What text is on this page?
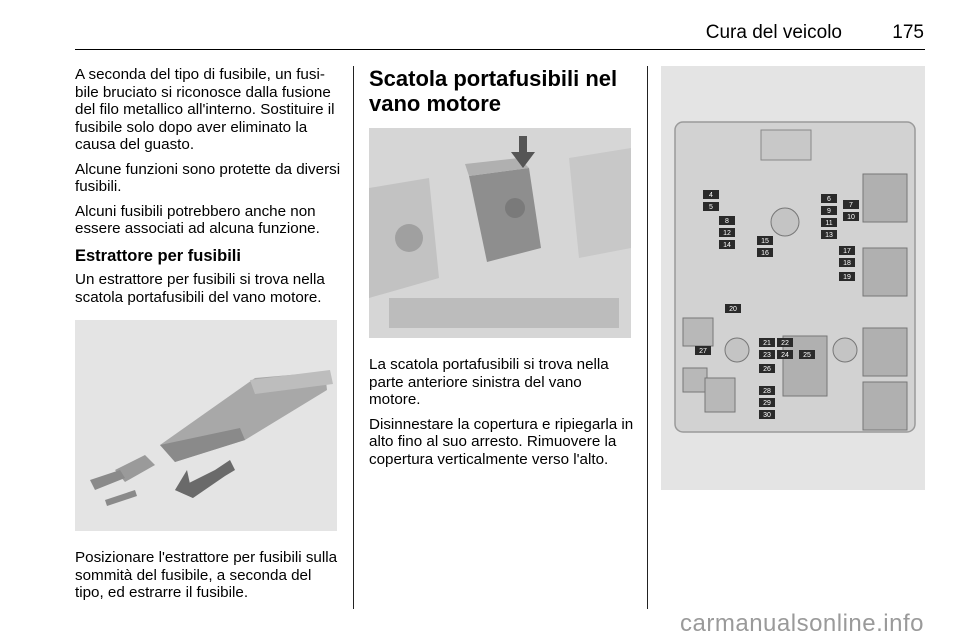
Cura del veicolo	175

A seconda del tipo di fusibile, un fusi-bile bruciato si riconosce dalla fusione del filo metallico all'interno. Sostituire il fusibile solo dopo aver eliminato la causa del guasto.

Alcune funzioni sono protette da diversi fusibili.

Alcuni fusibili potrebbero anche non essere associati ad alcuna funzione.

Estrattore per fusibili

Un estrattore per fusibili si trova nella scatola portafusibili del vano motore.

Posizionare l'estrattore per fusibili sulla sommità del fusibile, a seconda del tipo, ed estrarre il fusibile.

Scatola portafusibili nel vano motore

La scatola portafusibili si trova nella parte anteriore sinistra del vano motore.

Disinnestare la copertura e ripiegarla in alto fino al suo arresto. Rimuovere la copertura verticalmente verso l'alto.

4
5
6
7
8
9
10
11
12	13
14
15
16	17
18
19
20
21 22
23 24 25
26
27
28
29
30
carmanualsonline.info
